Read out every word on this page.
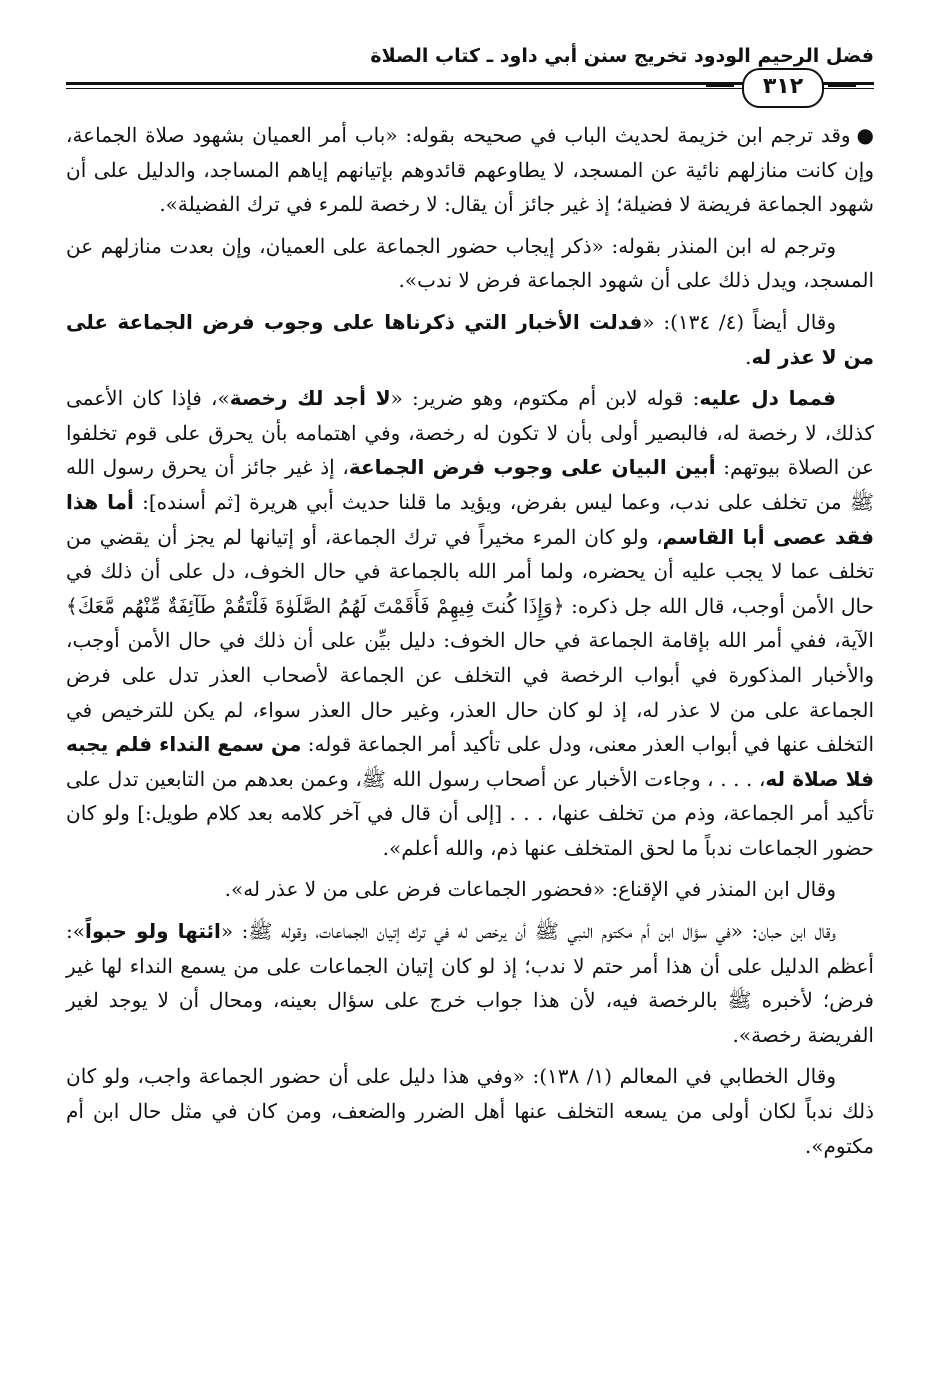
فضل الرحيم الودود تخريج سنن أبي داود ـ كتاب الصلاة
٣١٢

●وقد ترجم ابن خزيمة لحديث الباب في صحيحه بقوله: «باب أمر العميان بشهود صلاة الجماعة، وإن كانت منازلهم نائية عن المسجد، لا يطاوعهم قائدوهم بإتيانهم إياهم المساجد، والدليل على أن شهود الجماعة فريضة لا فضيلة؛ إذ غير جائز أن يقال: لا رخصة للمرء في ترك الفضيلة».

وترجم له ابن المنذر بقوله: «ذكر إيجاب حضور الجماعة على العميان، وإن بعدت منازلهم عن المسجد، ويدل ذلك على أن شهود الجماعة فرض لا ندب».

وقال أيضاً (٤/ ١٣٤): «فدلت الأخبار التي ذكرناها على وجوب فرض الجماعة على من لا عذر له.

فمما دل عليه: قوله لابن أم مكتوم، وهو ضرير: «لا أجد لك رخصة»، فإذا كان الأعمى كذلك، لا رخصة له، فالبصير أولى بأن لا تكون له رخصة، وفي اهتمامه بأن يحرق على قوم تخلفوا عن الصلاة بيوتهم: أبين البيان على وجوب فرض الجماعة، إذ غير جائز أن يحرق رسول الله ﷺ من تخلف على ندب، وعما ليس بفرض، ويؤيد ما قلنا حديث أبي هريرة [ثم أسنده]: أما هذا فقد عصى أبا القاسم، ولو كان المرء مخيراً في ترك الجماعة، أو إتيانها لم يجز أن يقضي من تخلف عما لا يجب عليه أن يحضره، ولما أمر الله بالجماعة في حال الخوف، دل على أن ذلك في حال الأمن أوجب، قال الله جل ذكره: ﴿وَإِذَا كُنتَ فِيهِمْ فَأَقَمْتَ لَهُمُ الصَّلَوٰةَ فَلْتَقُمْ طَآئِفَةٌ مِّنْهُم مَّعَكَ﴾ الآية، ففي أمر الله بإقامة الجماعة في حال الخوف: دليل بيِّن على أن ذلك في حال الأمن أوجب، والأخبار المذكورة في أبواب الرخصة في التخلف عن الجماعة لأصحاب العذر تدل على فرض الجماعة على من لا عذر له، إذ لو كان حال العذر، وغير حال العذر سواء، لم يكن للترخيص في التخلف عنها في أبواب العذر معنى، ودل على تأكيد أمر الجماعة قوله: من سمع النداء فلم يجبه فلا صلاة له، . . . ، وجاءت الأخبار عن أصحاب رسول الله ﷺ، وعمن بعدهم من التابعين تدل على تأكيد أمر الجماعة، وذم من تخلف عنها، . . . [إلى أن قال في آخر كلامه بعد كلام طويل:] ولو كان حضور الجماعات ندباً ما لحق المتخلف عنها ذم، والله أعلم».

وقال ابن المنذر في الإقناع: «فحضور الجماعات فرض على من لا عذر له».

وقال ابن حبان: «في سؤال ابن أم مكتوم النبي ﷺ أن يرخص له في ترك إتيان الجماعات، وقوله ﷺ: «ائتها ولو حبواً»: أعظم الدليل على أن هذا أمر حتم لا ندب؛ إذ لو كان إتيان الجماعات على من يسمع النداء لها غير فرض؛ لأخبره ﷺ بالرخصة فيه، لأن هذا جواب خرج على سؤال بعينه، ومحال أن لا يوجد لغير الفريضة رخصة».

وقال الخطابي في المعالم (١/ ١٣٨): «وفي هذا دليل على أن حضور الجماعة واجب، ولو كان ذلك ندباً لكان أولى من يسعه التخلف عنها أهل الضرر والضعف، ومن كان في مثل حال ابن أم مكتوم».
